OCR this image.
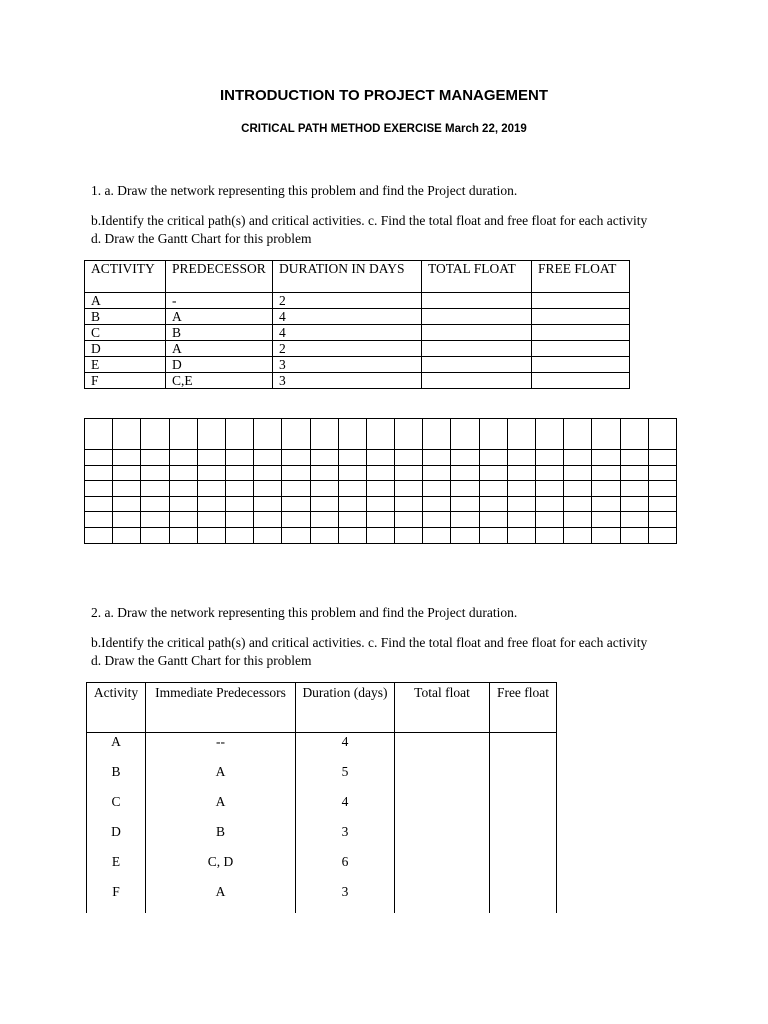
INTRODUCTION TO PROJECT MANAGEMENT
CRITICAL PATH METHOD EXERCISE March 22, 2019
1. a. Draw the network representing this problem and find the Project duration.
b.Identify the critical path(s) and critical activities. c. Find the total float and free float for each activity
d. Draw the Gantt Chart for this problem
ACTIVITY	PREDECESSOR	DURATION IN DAYS	TOTAL FLOAT	FREE FLOAT
A	-	2		
B	A	4		
C	B	4		
D	A	2		
E	D	3		
F	C,E	3		

2. a. Draw the network representing this problem and find the Project duration.
b.Identify the critical path(s) and critical activities. c. Find the total float and free float for each activity
d. Draw the Gantt Chart for this problem
Activity	Immediate Predecessors	Duration (days)	Total float	Free float
A	--	4		
B	A	5		
C	A	4		
D	B	3		
E	C, D	6		
F	A	3		
